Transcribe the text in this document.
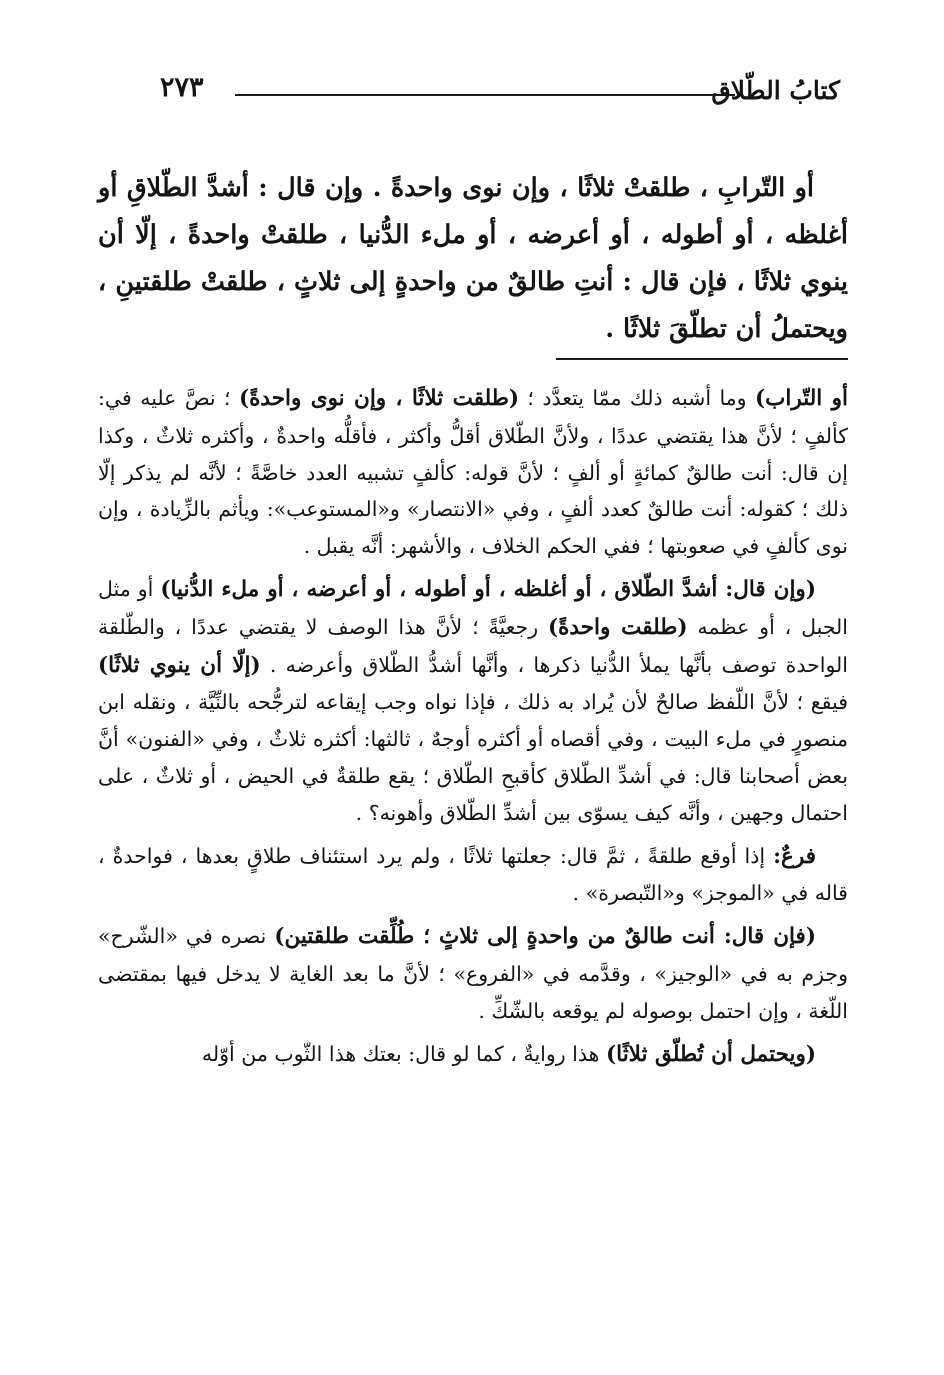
كتابُ الطّلاق
٢٧٣

أو التّرابِ ، طلقتْ ثلاثًا ، وإن نوى واحدةً . وإن قال : أشدَّ الطّلاقِ أو أغلظه ، أو أطوله ، أو أعرضه ، أو ملء الدُّنيا ، طلقتْ واحدةً ، إلّا أن ينوي ثلاثًا ، فإن قال : أنتِ طالقٌ من واحدةٍ إلى ثلاثٍ ، طلقتْ طلقتينِ ، ويحتملُ أن تطلّقَ ثلاثًا .

أو التّراب) وما أشبه ذلك ممّا يتعدَّد ؛ (طلقت ثلاثًا ، وإن نوى واحدةً) ؛ نصَّ عليه في: كألفٍ ؛ لأنَّ هذا يقتضي عددًا ، ولأنَّ الطّلاق أقلُّ وأكثر ، فأقلُّه واحدةٌ ، وأكثره ثلاثٌ ، وكذا إن قال: أنت طالقٌ كمائةٍ أو ألفٍ ؛ لأنَّ قوله: كألفٍ تشبيه العدد خاصَّةً ؛ لأنَّه لم يذكر إلّا ذلك ؛ كقوله: أنت طالقٌ كعدد ألفٍ ، وفي «الانتصار» و«المستوعب»: ويأثم بالزِّيادة ، وإن نوى كألفٍ في صعوبتها ؛ ففي الحكم الخلاف ، والأشهر: أنَّه يقبل .

(وإن قال: أشدَّ الطّلاق ، أو أغلظه ، أو أطوله ، أو أعرضه ، أو ملء الدُّنيا) أو مثل الجبل ، أو عظمه (طلقت واحدةً) رجعيَّةً ؛ لأنَّ هذا الوصف لا يقتضي عددًا ، والطّلقة الواحدة توصف بأنَّها يملأ الدُّنيا ذكرها ، وأنَّها أشدُّ الطّلاق وأعرضه . (إلّا أن ينوي ثلاثًا) فيقع ؛ لأنَّ اللّفظ صالحٌ لأن يُراد به ذلك ، فإذا نواه وجب إيقاعه لترجُّحه بالنِّيَّة ، ونقله ابن منصورٍ في ملء البيت ، وفي أقصاه أو أكثره أوجهٌ ، ثالثها: أكثره ثلاثٌ ، وفي «الفنون» أنَّ بعض أصحابنا قال: في أشدِّ الطّلاق كأقبحِ الطّلاق ؛ يقع طلقةٌ في الحيض ، أو ثلاثٌ ، على احتمال وجهين ، وأنَّه كيف يسوّى بين أشدِّ الطّلاق وأهونه؟ .

فرعٌ: إذا أوقع طلقةً ، ثمَّ قال: جعلتها ثلاثًا ، ولم يرد استئناف طلاقٍ بعدها ، فواحدةٌ ، قاله في «الموجز» و«التّبصرة» .

(فإن قال: أنت طالقٌ من واحدةٍ إلى ثلاثٍ ؛ طُلِّقت طلقتين) نصره في «الشّرح» وجزم به في «الوجيز» ، وقدَّمه في «الفروع» ؛ لأنَّ ما بعد الغاية لا يدخل فيها بمقتضى اللّغة ، وإن احتمل بوصوله لم يوقعه بالشّكِّ .

(ويحتمل أن تُطلّق ثلاثًا) هذا روايةٌ ، كما لو قال: بعتك هذا الثّوب من أوّله
